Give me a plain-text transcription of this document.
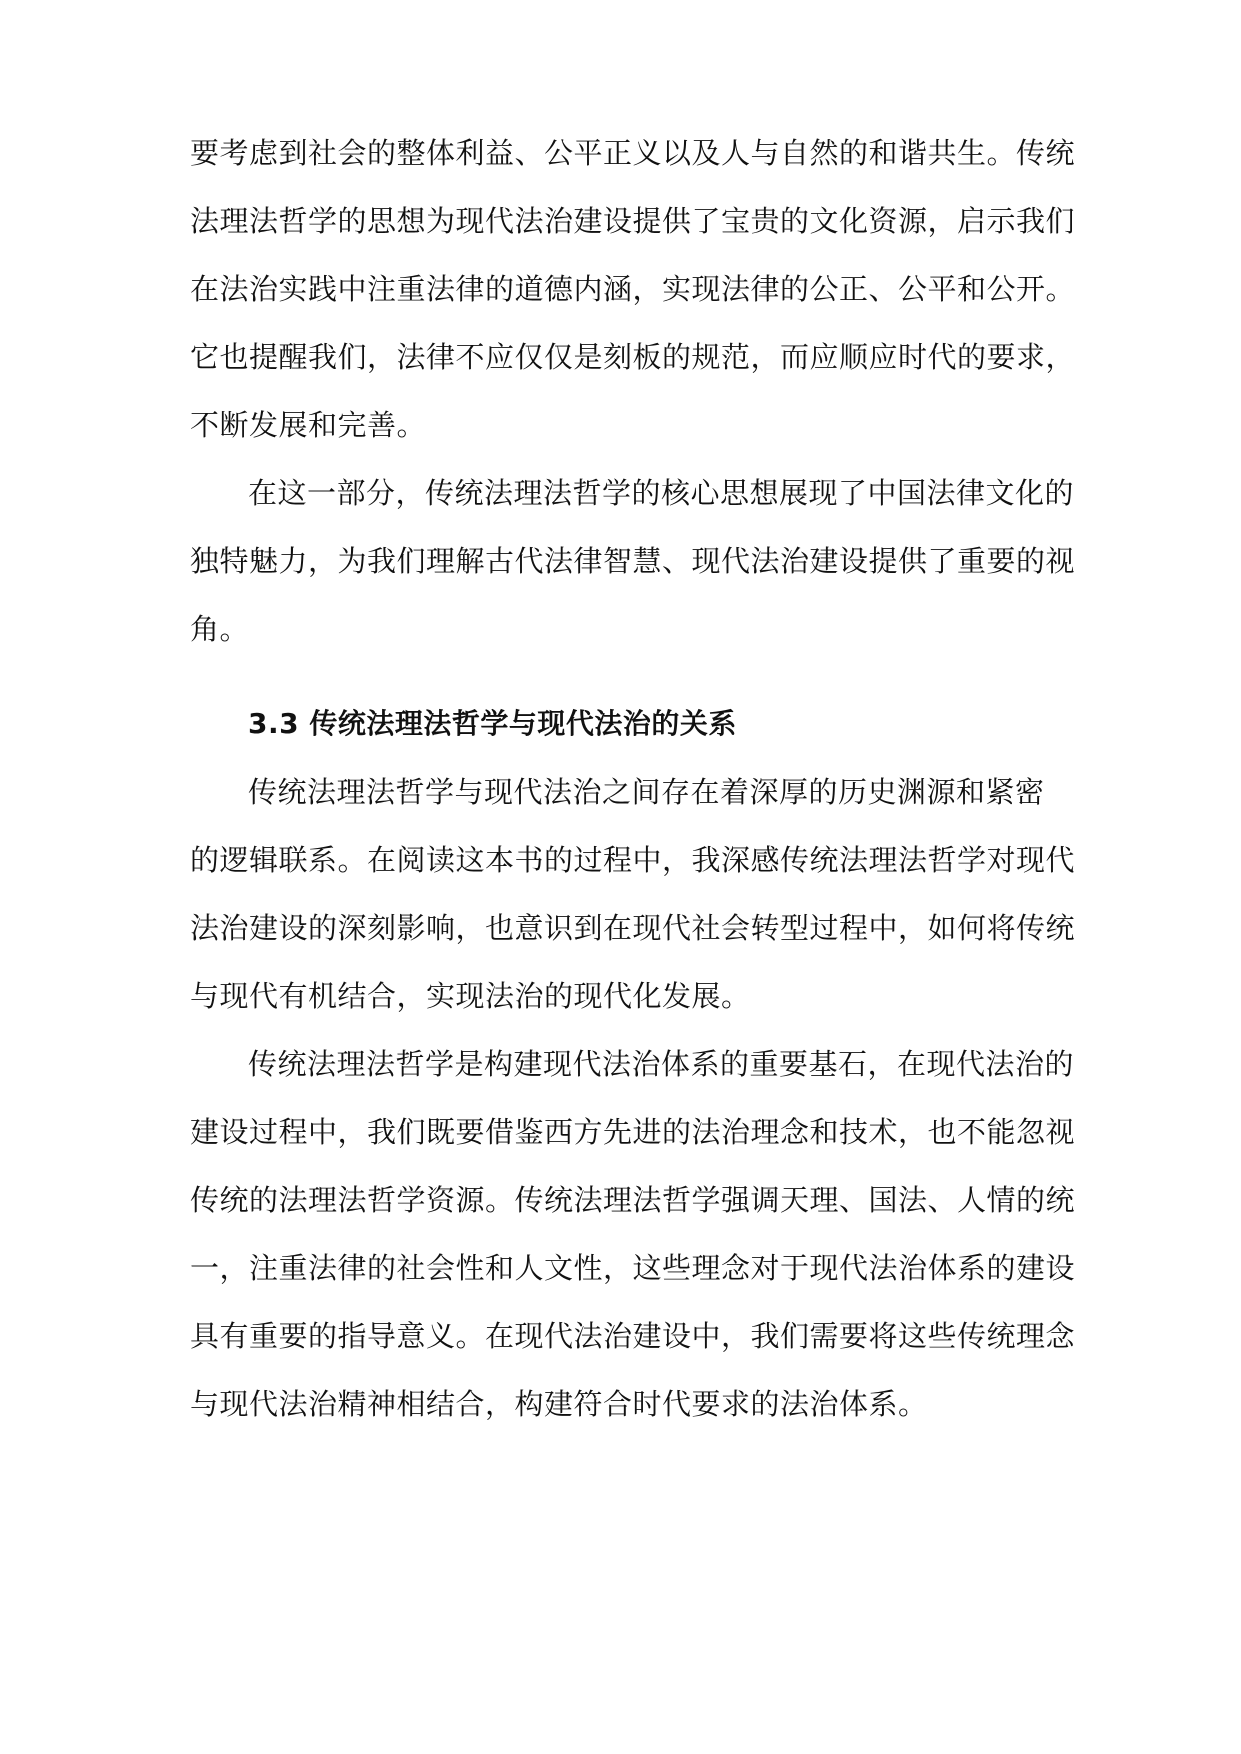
要考虑到社会的整体利益、公平正义以及人与自然的和谐共生。传统
法理法哲学的思想为现代法治建设提供了宝贵的文化资源，启示我们
在法治实践中注重法律的道德内涵，实现法律的公正、公平和公开。
它也提醒我们，法律不应仅仅是刻板的规范，而应顺应时代的要求，
不断发展和完善。
在这一部分，传统法理法哲学的核心思想展现了中国法律文化的
独特魅力，为我们理解古代法律智慧、现代法治建设提供了重要的视
角。
3.3 传统法理法哲学与现代法治的关系
传统法理法哲学与现代法治之间存在着深厚的历史渊源和紧密
的逻辑联系。在阅读这本书的过程中，我深感传统法理法哲学对现代
法治建设的深刻影响，也意识到在现代社会转型过程中，如何将传统
与现代有机结合，实现法治的现代化发展。
传统法理法哲学是构建现代法治体系的重要基石，在现代法治的
建设过程中，我们既要借鉴西方先进的法治理念和技术，也不能忽视
传统的法理法哲学资源。传统法理法哲学强调天理、国法、人情的统
一，注重法律的社会性和人文性，这些理念对于现代法治体系的建设
具有重要的指导意义。在现代法治建设中，我们需要将这些传统理念
与现代法治精神相结合，构建符合时代要求的法治体系。
